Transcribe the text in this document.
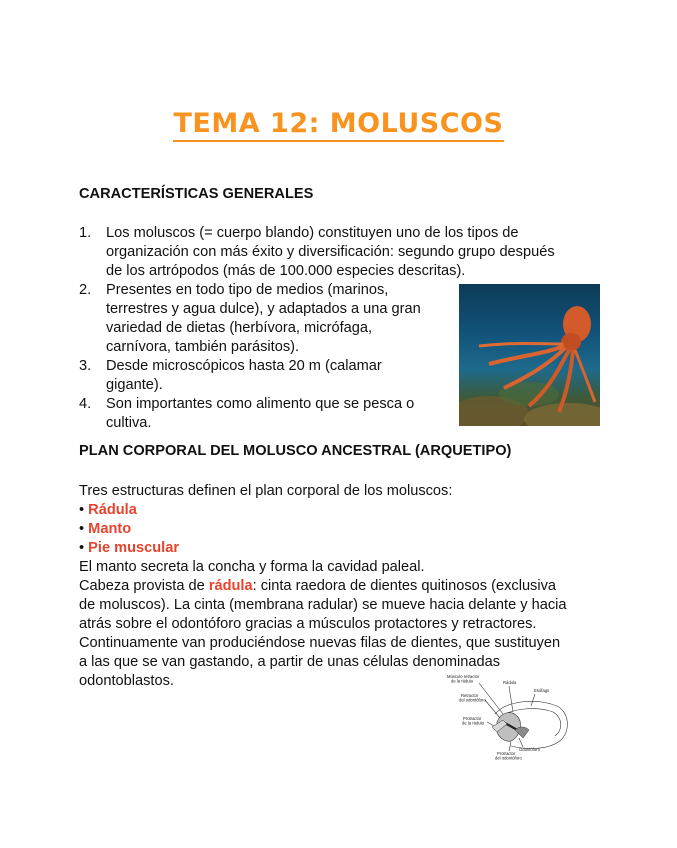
TEMA 12: MOLUSCOS
CARACTERÍSTICAS GENERALES
1. Los moluscos (= cuerpo blando) constituyen uno de los tipos de
organización con más éxito y diversificación: segundo grupo después
de los artrópodos (más de 100.000 especies descritas).
2. Presentes en todo tipo de medios (marinos,
terrestres y agua dulce), y adaptados a una gran
variedad de dietas (herbívora, micrófaga,
carnívora, también parásitos).
3. Desde microscópicos hasta 20 m (calamar
gigante).
4. Son importantes como alimento que se pesca o
cultiva.
PLAN CORPORAL DEL MOLUSCO ANCESTRAL (ARQUETIPO)

Tres estructuras definen el plan corporal de los moluscos:

• Rádula

• Manto

• Pie muscular

El manto secreta la concha y forma la cavidad paleal.

Cabeza provista de rádula: cinta raedora de dientes quitinosos (exclusiva

de moluscos). La cinta (membrana radular) se mueve hacia delante y hacia

atrás sobre el odontóforo gracias a músculos protactores y retractores.

Continuamente van produciéndose nuevas filas de dientes, que sustituyen

a las que se van gastando, a partir de unas células denominadas

odontoblastos.	Músculo retractor
de la rádula	Rádula
Esófago
Retractor
del odontóforo
Protractor
de la rádula
Odontóforo
Protractor
del odontóforo
